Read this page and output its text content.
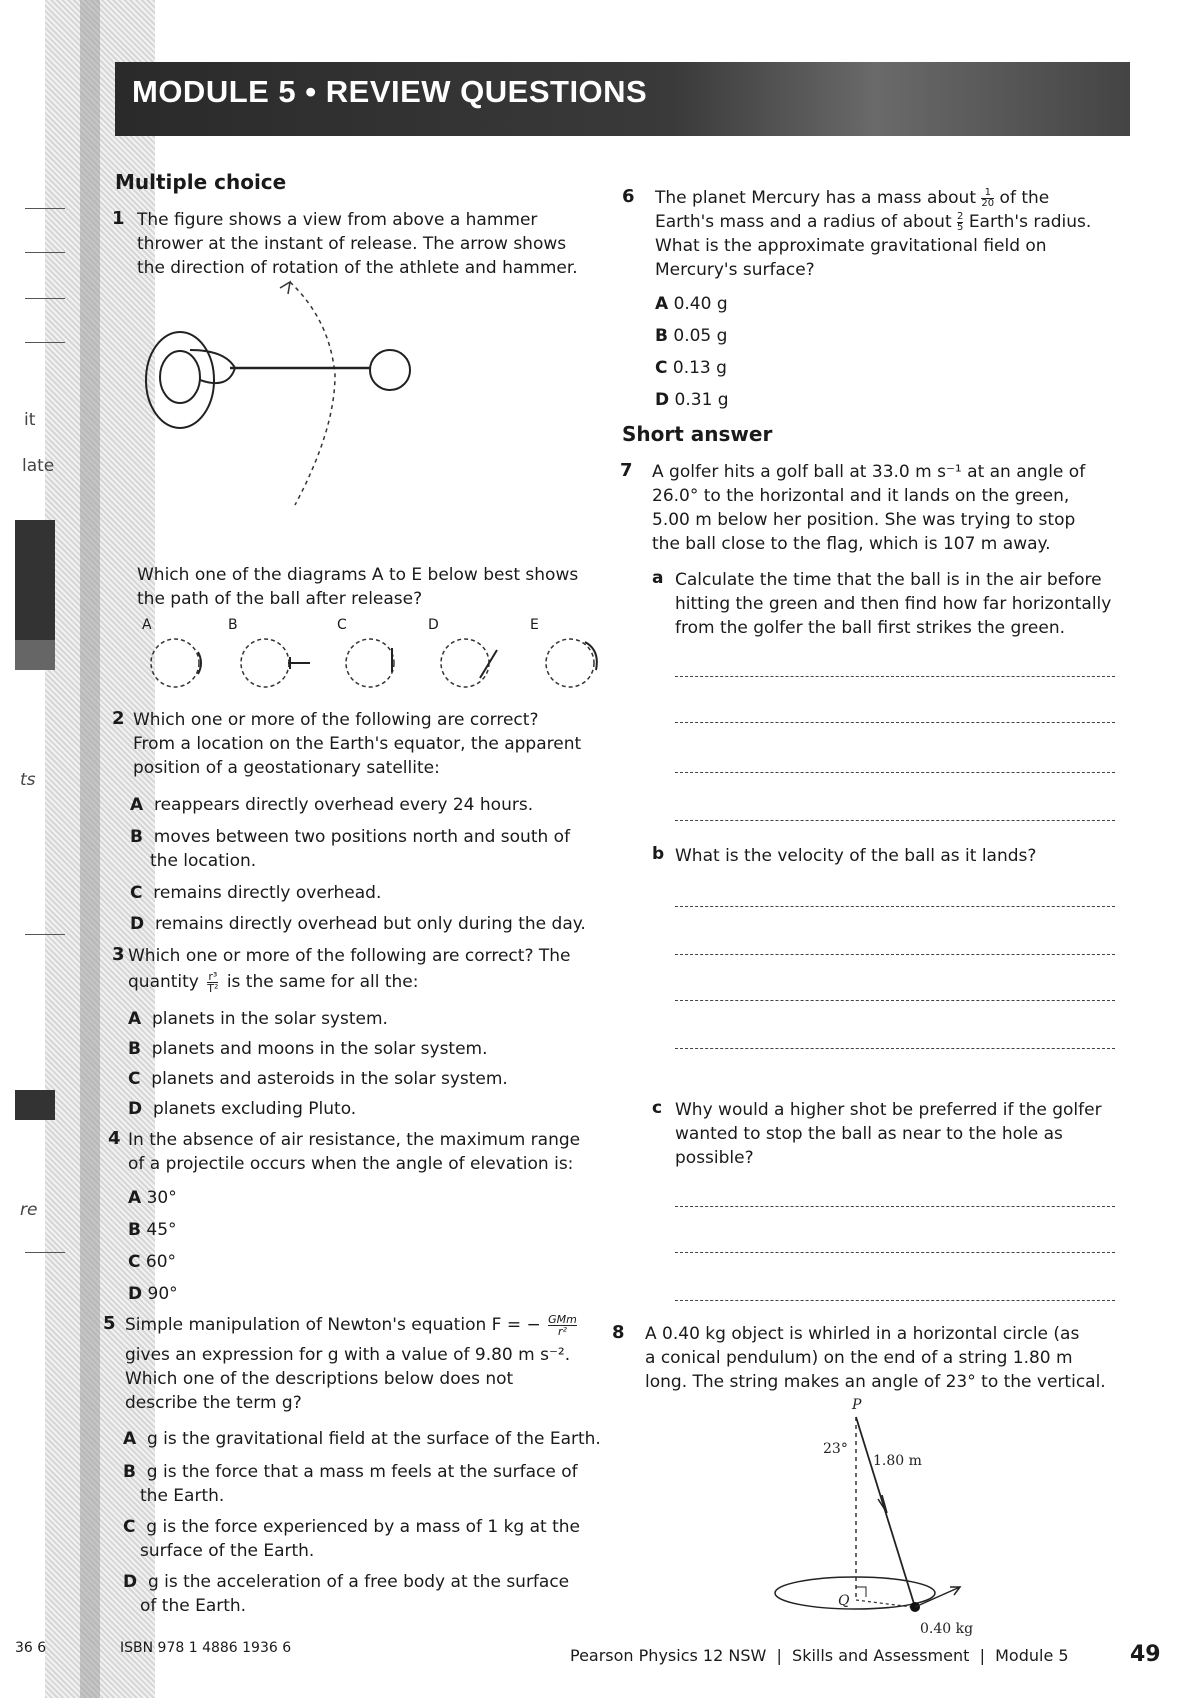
it
late
ts
re
MODULE 5 • REVIEW QUESTIONS
Multiple choice
1 The figure shows a view from above a hammer
thrower at the instant of release. The arrow shows
the direction of rotation of the athlete and hammer.
Which one of the diagrams A to E below best shows
the path of the ball after release?
A	B	C	D	E
2 Which one or more of the following are correct?
From a location on the Earth's equator, the apparent
position of a geostationary satellite:
A reappears directly overhead every 24 hours.
B moves between two positions north and south of
the location.
C remains directly overhead.
D remains directly overhead but only during the day.
3 Which one or more of the following are correct? The
quantity $\frac{\text{r³}}{\text{T²}}$ is the same for all the:
A planets in the solar system.
B planets and moons in the solar system.
C planets and asteroids in the solar system.
D planets excluding Pluto.
4 In the absence of air resistance, the maximum range
of a projectile occurs when the angle of elevation is:
A 30°
B 45°
C 60°
D 90°
5 Simple manipulation of Newton's equation F = − GMm
r²
gives an expression for g with a value of 9.80 m s⁻².
Which one of the descriptions below does not
describe the term g?
A g is the gravitational field at the surface of the Earth.
B g is the force that a mass m feels at the surface of
the Earth.
C g is the force experienced by a mass of 1 kg at the
surface of the Earth.
D g is the acceleration of a free body at the surface
of the Earth.
6 The planet Mercury has a mass about $\frac{1}{20}$ of the
Earth's mass and a radius of about $\frac{2}{5}$ Earth's radius.
What is the approximate gravitational field on
Mercury's surface?
A 0.40 g
B 0.05 g
C 0.13 g
D 0.31 g
Short answer
7 A golfer hits a golf ball at 33.0 m s⁻¹ at an angle of
26.0° to the horizontal and it lands on the green,
5.00 m below her position. She was trying to stop
the ball close to the flag, which is 107 m away.
a Calculate the time that the ball is in the air before
hitting the green and then find how far horizontally
from the golfer the ball first strikes the green.
b What is the velocity of the ball as it lands?
c Why would a higher shot be preferred if the golfer
wanted to stop the ball as near to the hole as
possible?
8 A 0.40 kg object is whirled in a horizontal circle (as
a conical pendulum) on the end of a string 1.80 m
long. The string makes an angle of 23° to the vertical.
P
23°
1.80 m
Q
0.40 kg
ISBN 978 1 4886 1936 6	Pearson Physics 12 NSW | Skills and Assessment | Module 5	49
36 6
